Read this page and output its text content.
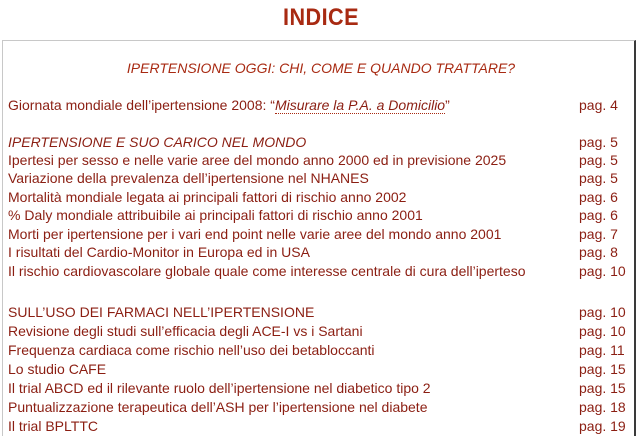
INDICE
IPERTENSIONE OGGI: CHI, COME E QUANDO TRATTARE?
Giornata mondiale dell’ipertensione 2008: “Misurare la P.A. a Domicilio”	pag. 4
IPERTENSIONE E SUO CARICO NEL MONDO	pag. 5
Ipertesi per sesso e nelle varie aree del mondo anno 2000 ed in previsione 2025	pag. 5
Variazione della prevalenza dell’ipertensione nel NHANES	pag. 5
Mortalità mondiale legata ai principali fattori di rischio anno 2002	pag. 6
% Daly mondiale attribuibile ai principali fattori di rischio anno 2001	pag. 6
Morti per ipertensione per i vari end point nelle varie aree del mondo anno 2001	pag. 7
I risultati del Cardio-Monitor in Europa ed in USA	pag. 8
Il rischio cardiovascolare globale quale come interesse centrale di cura dell’iperteso	pag. 10
SULL’USO DEI FARMACI NELL’IPERTENSIONE	pag. 10
Revisione degli studi sull’efficacia degli ACE-I vs i Sartani	pag. 10
Frequenza cardiaca come rischio nell’uso dei betabloccanti	pag. 11
Lo studio CAFE	pag. 15
Il trial ABCD ed il rilevante ruolo dell’ipertensione nel diabetico tipo 2	pag. 15
Puntualizzazione terapeutica dell’ASH per l’ipertensione nel diabete	pag. 18
Il trial BPLTTC	pag. 19
